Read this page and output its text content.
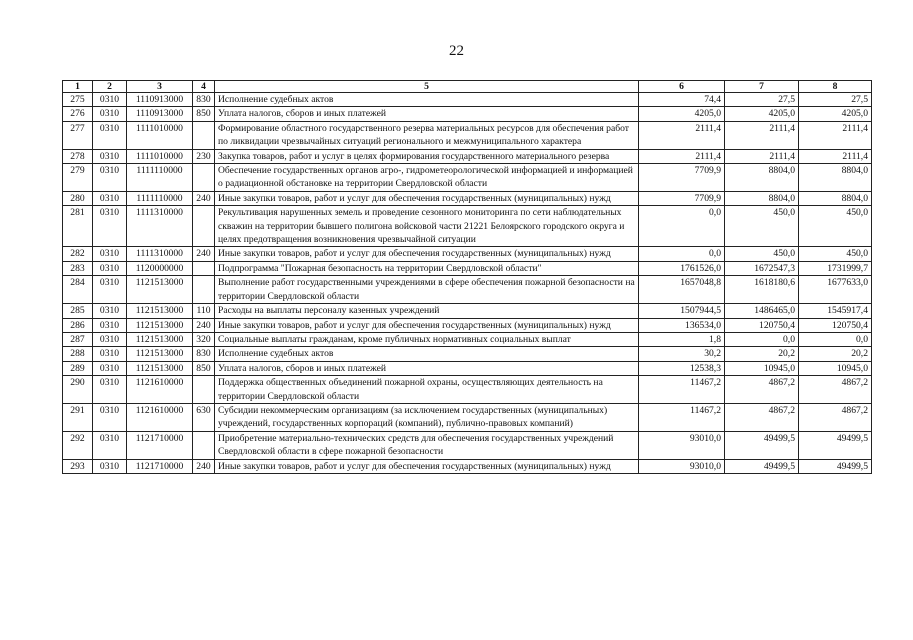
22
1	2	3	4	5	6	7	8
275	0310	1110913000	830	Исполнение судебных актов	74,4	27,5	27,5
276	0310	1110913000	850	Уплата налогов, сборов и иных платежей	4205,0	4205,0	4205,0
277	0310	1111010000		Формирование областного государственного резерва материальных ресурсов для обеспечения работ по ликвидации чрезвычайных ситуаций регионального и межмуниципального характера	2111,4	2111,4	2111,4
278	0310	1111010000	230	Закупка товаров, работ и услуг в целях формирования государственного материального резерва	2111,4	2111,4	2111,4
279	0310	1111110000		Обеспечение государственных органов агро-, гидрометеорологической информацией и информацией о радиационной обстановке на территории Свердловской области	7709,9	8804,0	8804,0
280	0310	1111110000	240	Иные закупки товаров, работ и услуг для обеспечения государственных (муниципальных) нужд	7709,9	8804,0	8804,0
281	0310	1111310000		Рекультивация нарушенных земель и проведение сезонного мониторинга по сети наблюдательных скважин на территории бывшего полигона войсковой части 21221 Белоярского городского округа и целях предотвращения возникновения чрезвычайной ситуации	0,0	450,0	450,0
282	0310	1111310000	240	Иные закупки товаров, работ и услуг для обеспечения государственных (муниципальных) нужд	0,0	450,0	450,0
283	0310	1120000000		Подпрограмма "Пожарная безопасность на территории Свердловской области"	1761526,0	1672547,3	1731999,7
284	0310	1121513000		Выполнение работ государственными учреждениями в сфере обеспечения пожарной безопасности на территории Свердловской области	1657048,8	1618180,6	1677633,0
285	0310	1121513000	110	Расходы на выплаты персоналу казенных учреждений	1507944,5	1486465,0	1545917,4
286	0310	1121513000	240	Иные закупки товаров, работ и услуг для обеспечения государственных (муниципальных) нужд	136534,0	120750,4	120750,4
287	0310	1121513000	320	Социальные выплаты гражданам, кроме публичных нормативных социальных выплат	1,8	0,0	0,0
288	0310	1121513000	830	Исполнение судебных актов	30,2	20,2	20,2
289	0310	1121513000	850	Уплата налогов, сборов и иных платежей	12538,3	10945,0	10945,0
290	0310	1121610000		Поддержка общественных объединений пожарной охраны, осуществляющих деятельность на территории Свердловской области	11467,2	4867,2	4867,2
291	0310	1121610000	630	Субсидии некоммерческим организациям (за исключением государственных (муниципальных) учреждений, государственных корпораций (компаний), публично-правовых компаний)	11467,2	4867,2	4867,2
292	0310	1121710000		Приобретение материально-технических средств для обеспечения государственных учреждений Свердловской области в сфере пожарной безопасности	93010,0	49499,5	49499,5
293	0310	1121710000	240	Иные закупки товаров, работ и услуг для обеспечения государственных (муниципальных) нужд	93010,0	49499,5	49499,5
